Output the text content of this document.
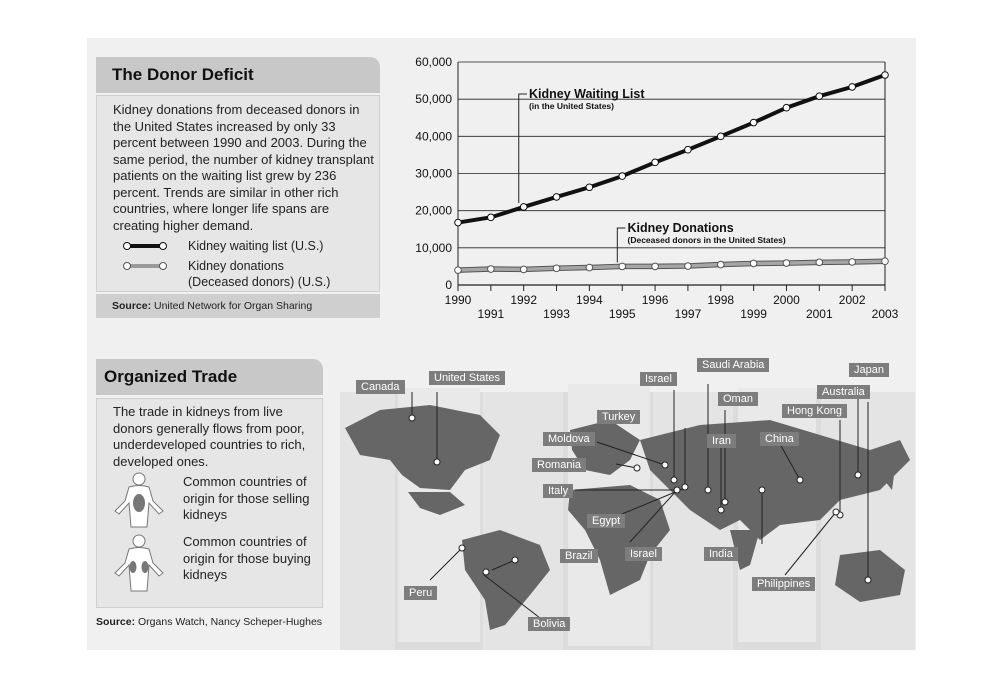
The Donor Deficit
Kidney donations from deceased donors in the United States increased by only 33 percent between 1990 and 2003. During the same period, the number of kidney transplant patients on the waiting list grew by 236 percent. Trends are similar in other rich countries, where longer life spans are creating higher demand.
Kidney waiting list (U.S.)
Kidney donations
(Deceased donors) (U.S.)
Source: United Network for Organ Sharing
0
10,000
20,000
30,000
40,000
50,000
60,000
1990	1992	1994	1996	1998	2000	2002
1991	1993	1995	1997	1999	2001	2003
Kidney Waiting List
(in the United States)
Kidney Donations
(Deceased donors in the United States)
Organized Trade
The trade in kidneys from live donors generally flows from poor, underdeveloped countries to rich, developed ones.
Common countries of origin for those selling kidneys
Common countries of origin for those buying kidneys
Source: Organs Watch, Nancy Scheper-Hughes
Canada
United States	Israel
Saudi Arabia	Japan
Australia
Oman
Hong Kong
Turkey
Iran	China
Moldova
Romania
Italy
Egypt
Israel	India
Brazil
Philippines
Peru
Bolivia
